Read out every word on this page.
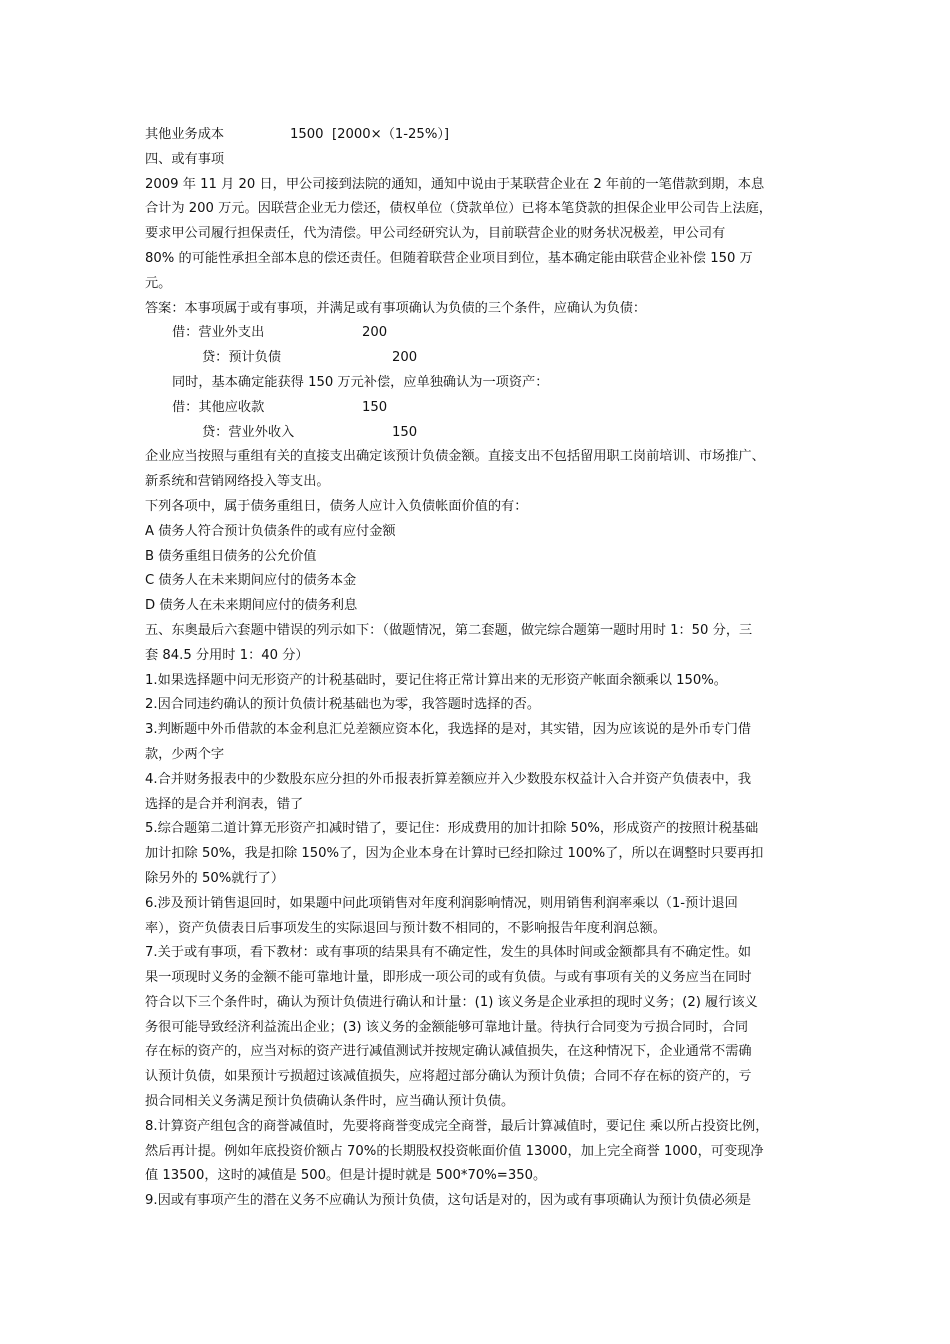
其他业务成本	1500  [2000×（1-25%）]
四、或有事项
2009 年 11 月 20 日，甲公司接到法院的通知，通知中说由于某联营企业在 2 年前的一笔借款到期，本息
合计为 200 万元。因联营企业无力偿还，债权单位（贷款单位）已将本笔贷款的担保企业甲公司告上法庭，
要求甲公司履行担保责任，代为清偿。甲公司经研究认为，目前联营企业的财务状况极差，甲公司有
80% 的可能性承担全部本息的偿还责任。但随着联营企业项目到位，基本确定能由联营企业补偿 150 万
元。
答案：本事项属于或有事项，并满足或有事项确认为负债的三个条件，应确认为负债：
借：营业外支出	200
贷：预计负债	200
同时，基本确定能获得 150 万元补偿，应单独确认为一项资产：
借：其他应收款	150
贷：营业外收入	150
企业应当按照与重组有关的直接支出确定该预计负债金额。直接支出不包括留用职工岗前培训、市场推广、
新系统和营销网络投入等支出。
下列各项中，属于债务重组日，债务人应计入负债帐面价值的有：
A 债务人符合预计负债条件的或有应付金额
B 债务重组日债务的公允价值
C 债务人在未来期间应付的债务本金
D 债务人在未来期间应付的债务利息
五、东奥最后六套题中错误的列示如下：（做题情况，第二套题，做完综合题第一题时用时 1：50 分，三
套 84.5 分用时 1：40 分）
1.如果选择题中问无形资产的计税基础时，要记住将正常计算出来的无形资产帐面余额乘以 150%。
2.因合同违约确认的预计负债计税基础也为零，我答题时选择的否。
3.判断题中外币借款的本金利息汇兑差额应资本化，我选择的是对，其实错，因为应该说的是外币专门借
款，少两个字
4.合并财务报表中的少数股东应分担的外币报表折算差额应并入少数股东权益计入合并资产负债表中，我
选择的是合并利润表，错了
5.综合题第二道计算无形资产扣减时错了，要记住：形成费用的加计扣除 50%，形成资产的按照计税基础
加计扣除 50%，我是扣除 150%了，因为企业本身在计算时已经扣除过 100%了，所以在调整时只要再扣
除另外的 50%就行了）
6.涉及预计销售退回时，如果题中问此项销售对年度利润影响情况，则用销售利润率乘以（1-预计退回
率），资产负债表日后事项发生的实际退回与预计数不相同的，不影响报告年度利润总额。
7.关于或有事项，看下教材：或有事项的结果具有不确定性，发生的具体时间或金额都具有不确定性。如
果一项现时义务的金额不能可靠地计量，即形成一项公司的或有负债。与或有事项有关的义务应当在同时
符合以下三个条件时，确认为预计负债进行确认和计量：(1) 该义务是企业承担的现时义务；(2) 履行该义
务很可能导致经济利益流出企业；(3) 该义务的金额能够可靠地计量。待执行合同变为亏损合同时，合同
存在标的资产的，应当对标的资产进行减值测试并按规定确认减值损失，在这种情况下，企业通常不需确
认预计负债，如果预计亏损超过该减值损失，应将超过部分确认为预计负债；合同不存在标的资产的，亏
损合同相关义务满足预计负债确认条件时，应当确认预计负债。
8.计算资产组包含的商誉减值时，先要将商誉变成完全商誉，最后计算减值时，要记住 乘以所占投资比例，
然后再计提。例如年底投资价额占 70%的长期股权投资帐面价值 13000，加上完全商誉 1000，可变现净
值 13500，这时的减值是 500。但是计提时就是 500*70%=350。
9.因或有事项产生的潜在义务不应确认为预计负债，这句话是对的，因为或有事项确认为预计负债必须是
